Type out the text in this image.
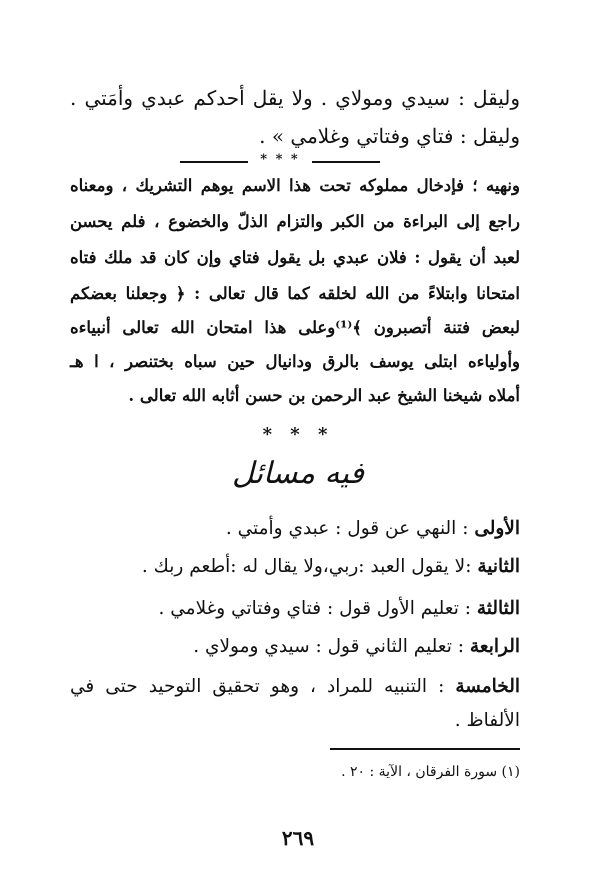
وليقل : سيدي ومولاي . ولا يقل أحدكم عبدي وأمَتي .
وليقل : فتاي وفتاتي وغلامي » .
* * *
ونهيه ؛ فإدخال مملوكه تحت هذا الاسم يوهم التشريك ، ومعناه
راجع إلى البراءة من الكبر والتزام الذلّ والخضوع ، فلم يحسن
لعبد أن يقول : فلان عبدي بل يقول فتاي وإن كان قد ملك فتاه
امتحانا وابتلاءً من الله لخلقه كما قال تعالى : ﴿ وجعلنا بعضكم
لبعض فتنة أتصبرون ﴾⁽¹⁾وعلى هذا امتحان الله تعالى أنبياءه
وأولياءه ابتلى يوسف بالرق ودانيال حين سباه بختنصر ، ا هـ
أملاه شيخنا الشيخ عبد الرحمن بن حسن أثابه الله تعالى .
* * *
فيه مسائل
الأولى : النهي عن قول : عبدي وأمتي .
الثانية :لا يقول العبد :ربي،ولا يقال له :أطعم ربك .
الثالثة : تعليم الأول قول : فتاي وفتاتي وغلامي .
الرابعة : تعليم الثاني قول : سيدي ومولاي .
الخامسة : التنبيه للمراد ، وهو تحقيق التوحيد حتى في
الألفاظ .
(١) سورة الفرقان ، الآية : ٢٠ .
٢٦٩
